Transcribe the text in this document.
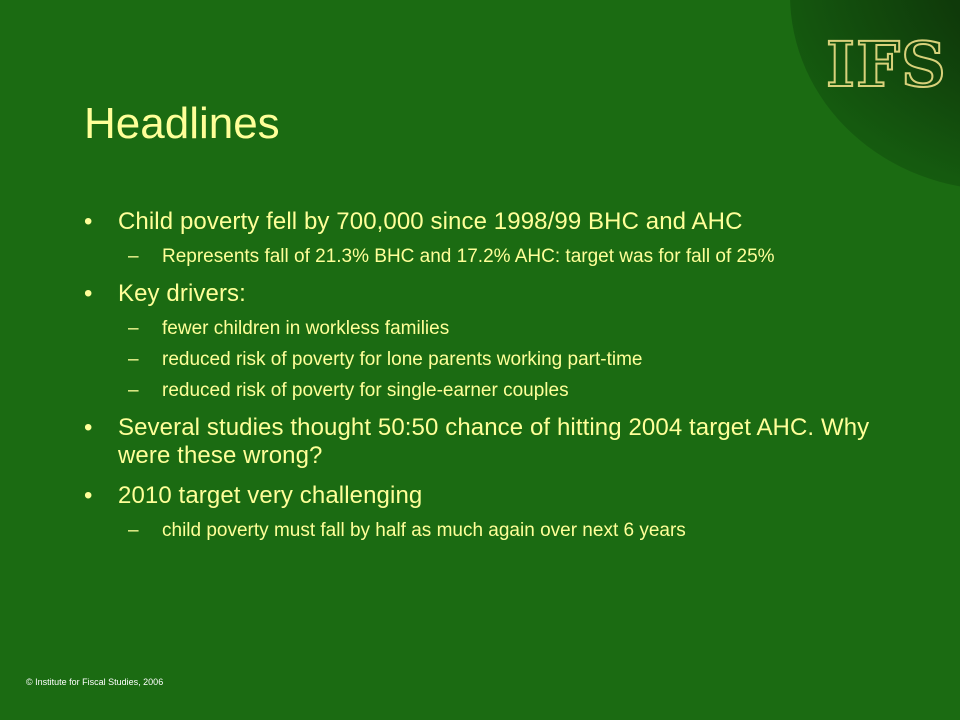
IFS
Headlines
• Child poverty fell by 700,000 since 1998/99 BHC and AHC
– Represents fall of 21.3% BHC and 17.2% AHC: target was for fall of 25%
• Key drivers:
– fewer children in workless families
– reduced risk of poverty for lone parents working part-time
– reduced risk of poverty for single-earner couples
• Several studies thought 50:50 chance of hitting 2004 target AHC. Why were these wrong?
• 2010 target very challenging
– child poverty must fall by half as much again over next 6 years
© Institute for Fiscal Studies, 2006
